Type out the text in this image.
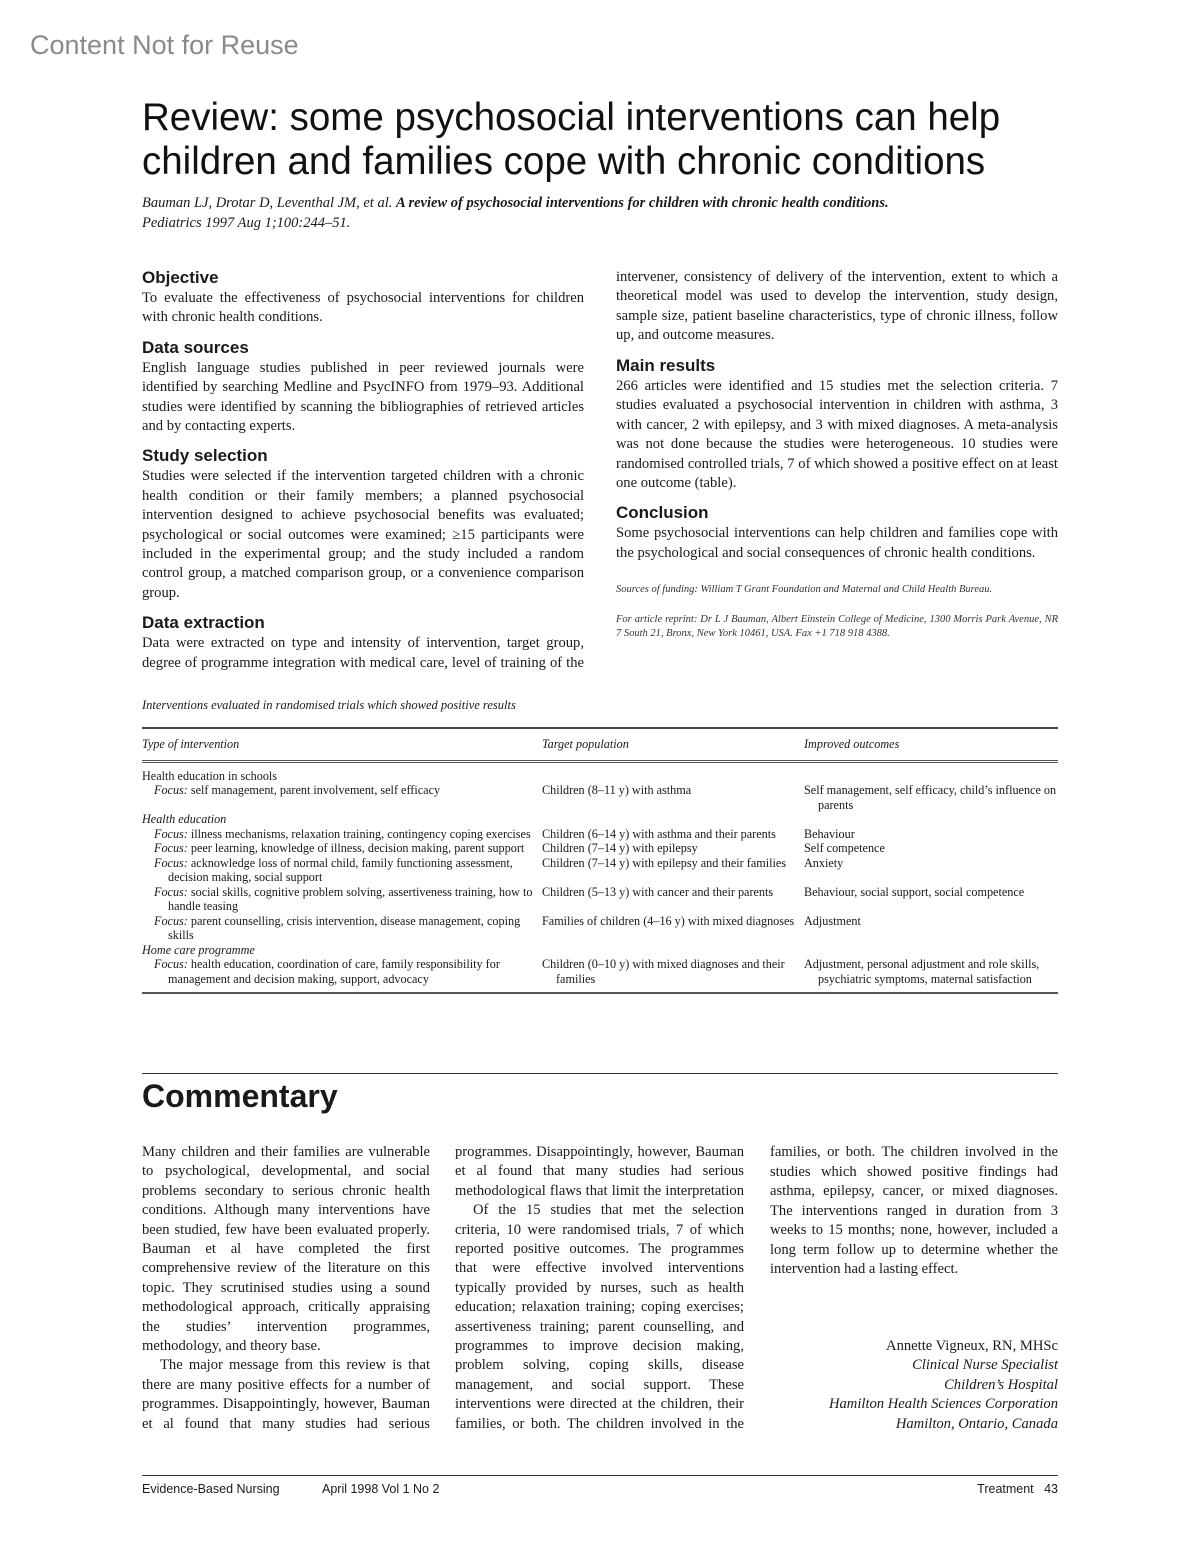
Content Not for Reuse
Review: some psychosocial interventions can help children and families cope with chronic conditions
Bauman LJ, Drotar D, Leventhal JM, et al. A review of psychosocial interventions for children with chronic health conditions.
Pediatrics 1997 Aug 1;100:244–51.
Objective

To evaluate the effectiveness of psychosocial interventions for children with chronic health conditions.

Data sources

English language studies published in peer reviewed journals were identified by searching Medline and PsycINFO from 1979–93. Additional studies were identified by scanning the bibliographies of retrieved articles and by contacting experts.

Study selection

Studies were selected if the intervention targeted children with a chronic health condition or their family members; a planned psychosocial intervention designed to achieve psychosocial benefits was evaluated; psychological or social outcomes were examined; ≥15 participants were included in the experimental group; and the study included a random control group, a matched comparison group, or a convenience comparison group.

Data extraction

Data were extracted on type and intensity of intervention, target group, degree of programme integration with medical care, level of training of the

intervener, consistency of delivery of the intervention, extent to which a theoretical model was used to develop the intervention, study design, sample size, patient baseline characteristics, type of chronic illness, follow up, and outcome measures.

Main results

266 articles were identified and 15 studies met the selection criteria. 7 studies evaluated a psychosocial intervention in children with asthma, 3 with cancer, 2 with epilepsy, and 3 with mixed diagnoses. A meta-analysis was not done because the studies were heterogeneous. 10 studies were randomised controlled trials, 7 of which showed a positive effect on at least one outcome (table).

Conclusion

Some psychosocial interventions can help children and families cope with the psychological and social consequences of chronic health conditions.

Sources of funding: William T Grant Foundation and Maternal and Child Health Bureau.
For article reprint: Dr L J Bauman, Albert Einstein College of Medicine, 1300 Morris Park Avenue, NR 7 South 21, Bronx, New York 10461, USA. Fax +1 718 918 4388.
Interventions evaluated in randomised trials which showed positive results
Type of intervention	Target population	Improved outcomes
Health education in schools		
Focus: self management, parent involvement, self efficacy	Children (8–11 y) with asthma	Self management, self efficacy, child’s influence on parents
Health education		
Focus: illness mechanisms, relaxation training, contingency coping exercises	Children (6–14 y) with asthma and their parents	Behaviour
Focus: peer learning, knowledge of illness, decision making, parent support	Children (7–14 y) with epilepsy	Self competence
Focus: acknowledge loss of normal child, family functioning assessment, decision making, social support	Children (7–14 y) with epilepsy and their families	Anxiety
Focus: social skills, cognitive problem solving, assertiveness training, how to handle teasing	Children (5–13 y) with cancer and their parents	Behaviour, social support, social competence
Focus: parent counselling, crisis intervention, disease management, coping skills	Families of children (4–16 y) with mixed diagnoses	Adjustment
Home care programme		
Focus: health education, coordination of care, family responsibility for management and decision making, support, advocacy	Children (0–10 y) with mixed diagnoses and their families	Adjustment, personal adjustment and role skills, psychiatric symptoms, maternal satisfaction
Commentary

Many children and their families are vulnerable to psychological, developmental, and social problems secondary to serious chronic health conditions. Although many interventions have been studied, few have been evaluated properly. Bauman et al have completed the first comprehensive review of the literature on this topic. They scrutinised studies using a sound methodological approach, critically appraising the studies’ intervention programmes, methodology, and theory base.

The major message from this review is that there are many positive effects for a number of programmes. Disappointingly, however, Bauman et al found that many studies had serious

programmes. Disappointingly, however, Bauman et al found that many studies had serious methodological flaws that limit the interpretation

Of the 15 studies that met the selection criteria, 10 were randomised trials, 7 of which reported positive outcomes. The programmes that were effective involved interventions typically provided by nurses, such as health education; relaxation training; coping exercises; assertiveness training; parent counselling, and programmes to improve decision making, problem solving, coping skills, disease management, and social support. These interventions were directed at the children, their families, or both. The children involved in the

families, or both. The children involved in the studies which showed positive findings had asthma, epilepsy, cancer, or mixed diagnoses. The interventions ranged in duration from 3 weeks to 15 months; none, however, included a long term follow up to determine whether the intervention had a lasting effect.

Annette Vigneux, RN, MHSc
Clinical Nurse Specialist
Children’s Hospital
Hamilton Health Sciences Corporation
Hamilton, Ontario, Canada
Evidence-Based Nursing	April 1998 Vol 1 No 2	Treatment 43
